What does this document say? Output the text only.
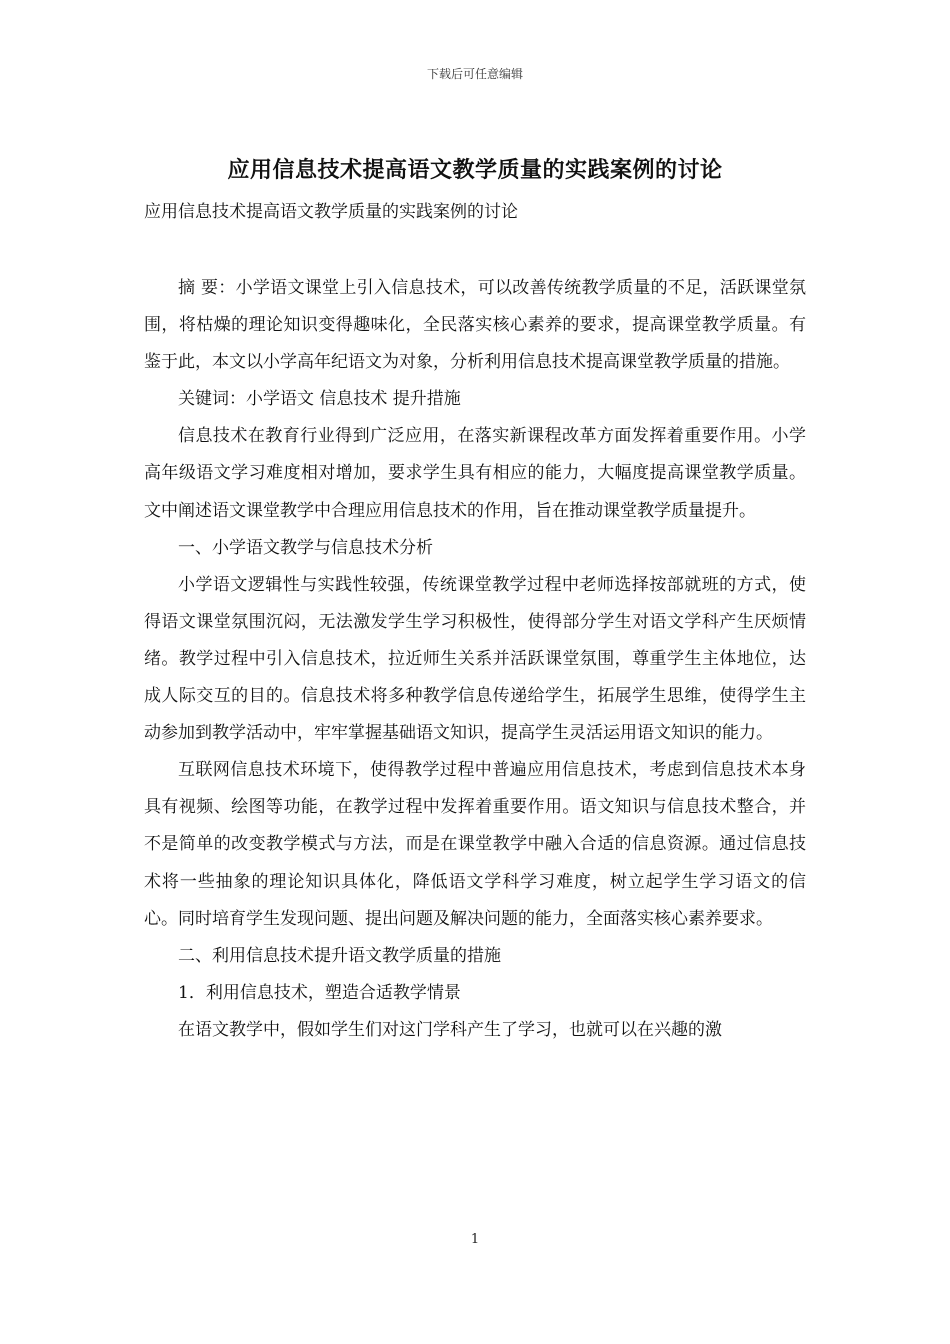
下载后可任意编辑
应用信息技术提高语文教学质量的实践案例的讨论
应用信息技术提高语文教学质量的实践案例的讨论

摘 要：小学语文课堂上引入信息技术，可以改善传统教学质量的不足，活跃课堂氛围，将枯燥的理论知识变得趣味化，全民落实核心素养的要求，提高课堂教学质量。有鉴于此，本文以小学高年纪语文为对象，分析利用信息技术提高课堂教学质量的措施。

关键词：小学语文 信息技术 提升措施

信息技术在教育行业得到广泛应用，在落实新课程改革方面发挥着重要作用。小学高年级语文学习难度相对增加，要求学生具有相应的能力，大幅度提高课堂教学质量。文中阐述语文课堂教学中合理应用信息技术的作用，旨在推动课堂教学质量提升。

一、小学语文教学与信息技术分析

小学语文逻辑性与实践性较强，传统课堂教学过程中老师选择按部就班的方式，使得语文课堂氛围沉闷，无法激发学生学习积极性，使得部分学生对语文学科产生厌烦情绪。教学过程中引入信息技术，拉近师生关系并活跃课堂氛围，尊重学生主体地位，达成人际交互的目的。信息技术将多种教学信息传递给学生，拓展学生思维，使得学生主动参加到教学活动中，牢牢掌握基础语文知识，提高学生灵活运用语文知识的能力。

互联网信息技术环境下，使得教学过程中普遍应用信息技术，考虑到信息技术本身具有视频、绘图等功能，在教学过程中发挥着重要作用。语文知识与信息技术整合，并不是简单的改变教学模式与方法，而是在课堂教学中融入合适的信息资源。通过信息技术将一些抽象的理论知识具体化，降低语文学科学习难度，树立起学生学习语文的信心。同时培育学生发现问题、提出问题及解决问题的能力，全面落实核心素养要求。

二、利用信息技术提升语文教学质量的措施

1．利用信息技术，塑造合适教学情景

在语文教学中，假如学生们对这门学科产生了学习，也就可以在兴趣的激

1
